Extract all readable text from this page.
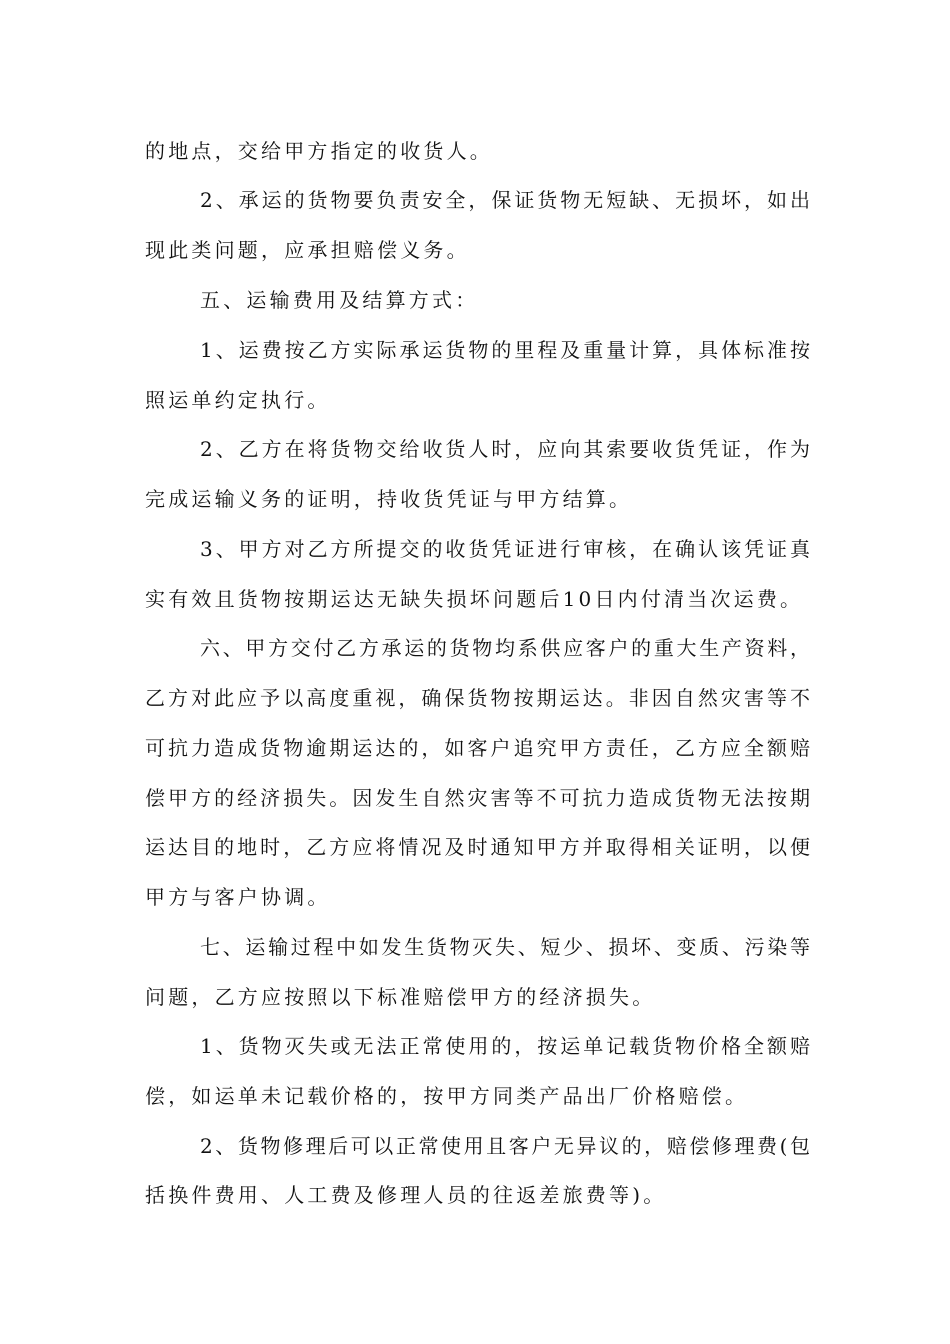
的地点，交给甲方指定的收货人。
2、承运的货物要负责安全，保证货物无短缺、无损坏，如出
现此类问题，应承担赔偿义务。
五、运输费用及结算方式：
1、运费按乙方实际承运货物的里程及重量计算，具体标准按
照运单约定执行。
2、乙方在将货物交给收货人时，应向其索要收货凭证，作为
完成运输义务的证明，持收货凭证与甲方结算。
3、甲方对乙方所提交的收货凭证进行审核，在确认该凭证真
实有效且货物按期运达无缺失损坏问题后10日内付清当次运费。
六、甲方交付乙方承运的货物均系供应客户的重大生产资料，
乙方对此应予以高度重视，确保货物按期运达。非因自然灾害等不
可抗力造成货物逾期运达的，如客户追究甲方责任，乙方应全额赔
偿甲方的经济损失。因发生自然灾害等不可抗力造成货物无法按期
运达目的地时，乙方应将情况及时通知甲方并取得相关证明，以便
甲方与客户协调。
七、运输过程中如发生货物灭失、短少、损坏、变质、污染等
问题，乙方应按照以下标准赔偿甲方的经济损失。
1、货物灭失或无法正常使用的，按运单记载货物价格全额赔
偿，如运单未记载价格的，按甲方同类产品出厂价格赔偿。
2、货物修理后可以正常使用且客户无异议的，赔偿修理费(包
括换件费用、人工费及修理人员的往返差旅费等)。
